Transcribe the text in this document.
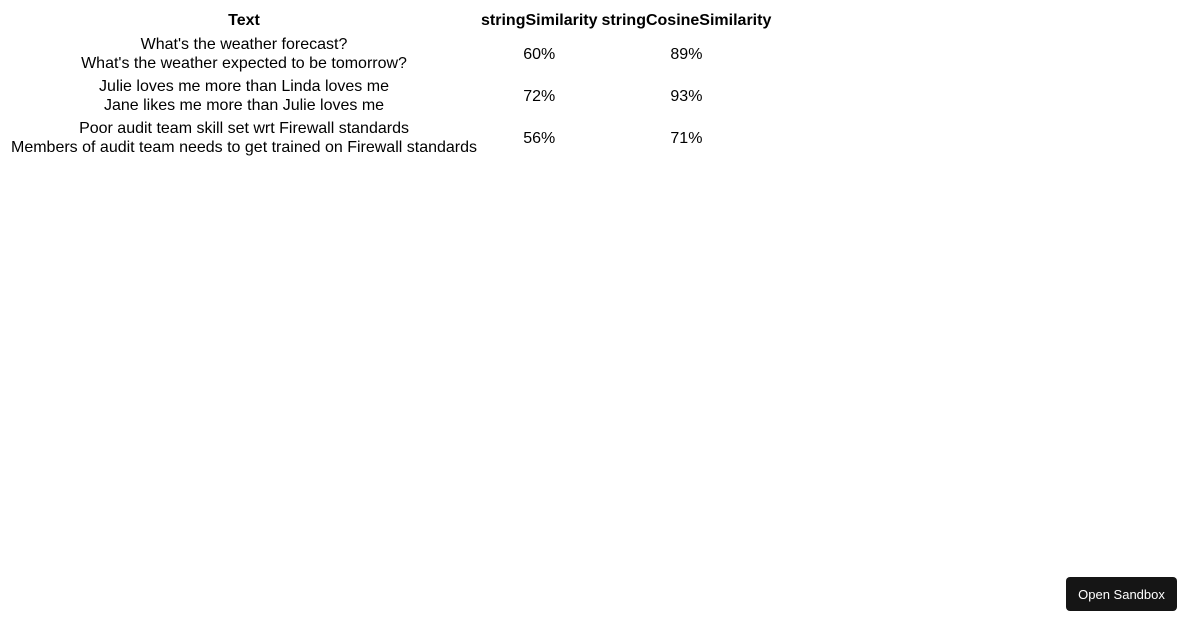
Text	stringSimilarity	stringCosineSimilarity

What's the weather forecast?
What's the weather expected to be tomorrow?	60%	89%

Julie loves me more than Linda loves me
Jane likes me more than Julie loves me	72%	93%

Poor audit team skill set wrt Firewall standards
Members of audit team needs to get trained on Firewall standards	56%	71%
Open Sandbox
